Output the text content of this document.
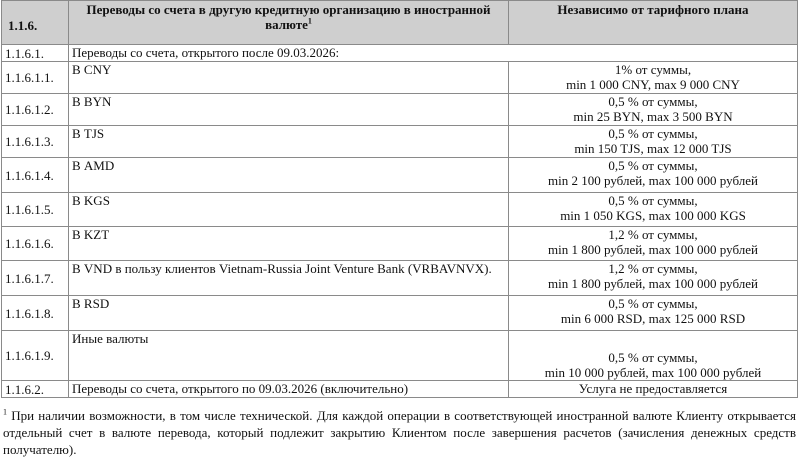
1.1.6.	Переводы со счета в другую кредитную организацию в иностранной валюте$^1$	Независимо от тарифного плана
1.1.6.1.	Переводы со счета, открытого после 09.03.2026:	
1.1.6.1.1.	В CNY	1% от суммы,
min 1 000 CNY, max 9 000 CNY

1.1.6.1.2.	В BYN	0,5 % от суммы,
min 25 BYN, max 3 500 BYN

1.1.6.1.3.	В TJS	0,5 % от суммы,
min 150 TJS, max 12 000 TJS

1.1.6.1.4.	В AMD	0,5 % от суммы,
min 2 100 рублей, max 100 000 рублей

1.1.6.1.5.	В KGS	0,5 % от суммы,
min 1 050 KGS, max 100 000 KGS

1.1.6.1.6.	В KZT	1,2 % от суммы,
min 1 800 рублей, max 100 000 рублей

1.1.6.1.7.	В VND в пользу клиентов Vietnam-Russia Joint Venture Bank (VRBAVNVX).	1,2 % от суммы,
min 1 800 рублей, max 100 000 рублей

1.1.6.1.8.	В RSD	0,5 % от суммы,
min 6 000 RSD, max 125 000 RSD

1.1.6.1.9.	Иные валюты	0,5 % от суммы,
min 10 000 рублей, max 100 000 рублей

1.1.6.2.	Переводы со счета, открытого по 09.03.2026 (включительно)	Услуга не предоставляется
$^1$ При наличии возможности, в том числе технической. Для каждой операции в соответствующей иностранной валюте Клиенту открывается отдельный счет в валюте перевода, который подлежит закрытию Клиентом после завершения расчетов (зачисления денежных средств получателю).
